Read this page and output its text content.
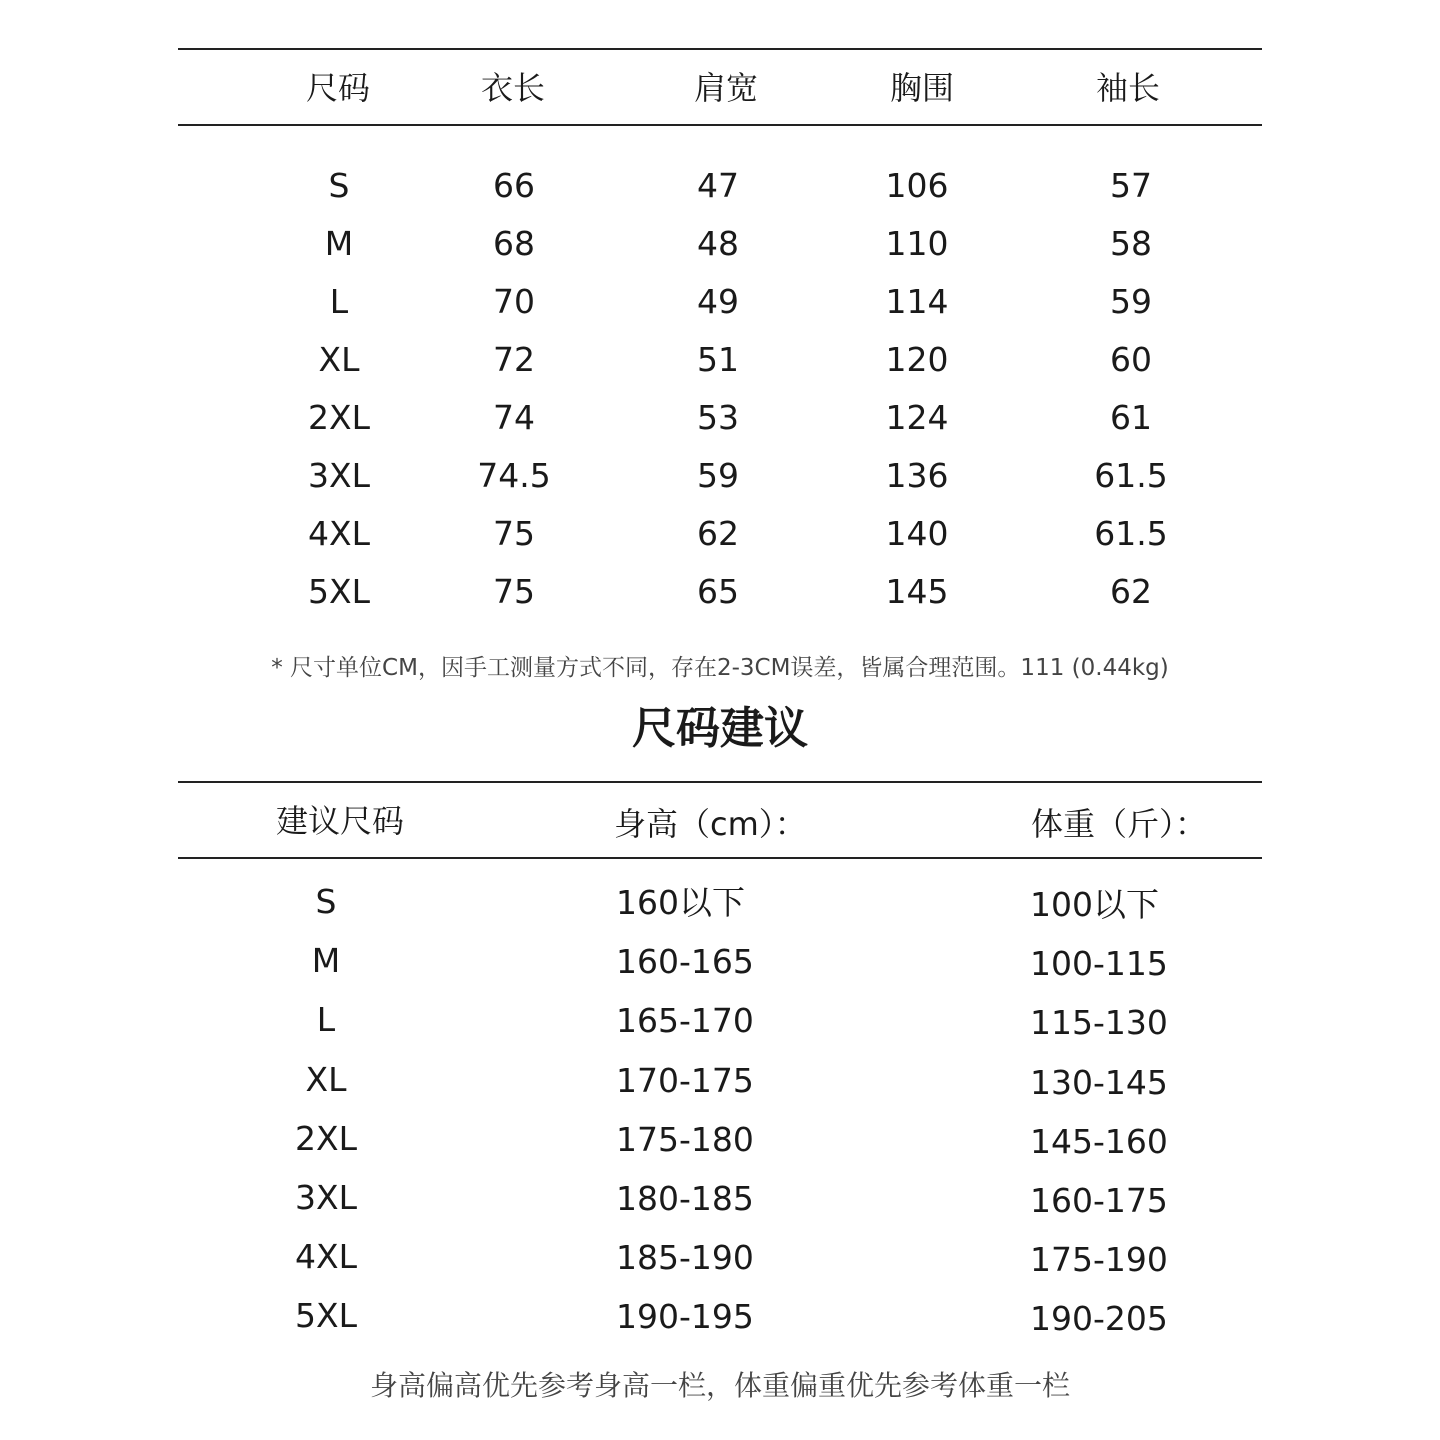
尺码	衣长	肩宽	胸围	袖长
S	66	47	106	57
M	68	48	110	58
L	70	49	114	59
XL	72	51	120	60
2XL	74	53	124	61
3XL	74.5	59	136	61.5
4XL	75	62	140	61.5
5XL	75	65	145	62
* 尺寸单位CM，因手工测量方式不同，存在2-3CM误差，皆属合理范围。111 (0.44kg)
尺码建议
建议尺码	身高（cm）：	体重（斤）：
S	160以下	100以下
M	160-165	100-115
L	165-170	115-130
XL	170-175	130-145
2XL	175-180	145-160
3XL	180-185	160-175
4XL	185-190	175-190
5XL	190-195	190-205
身高偏高优先参考身高一栏，体重偏重优先参考体重一栏
